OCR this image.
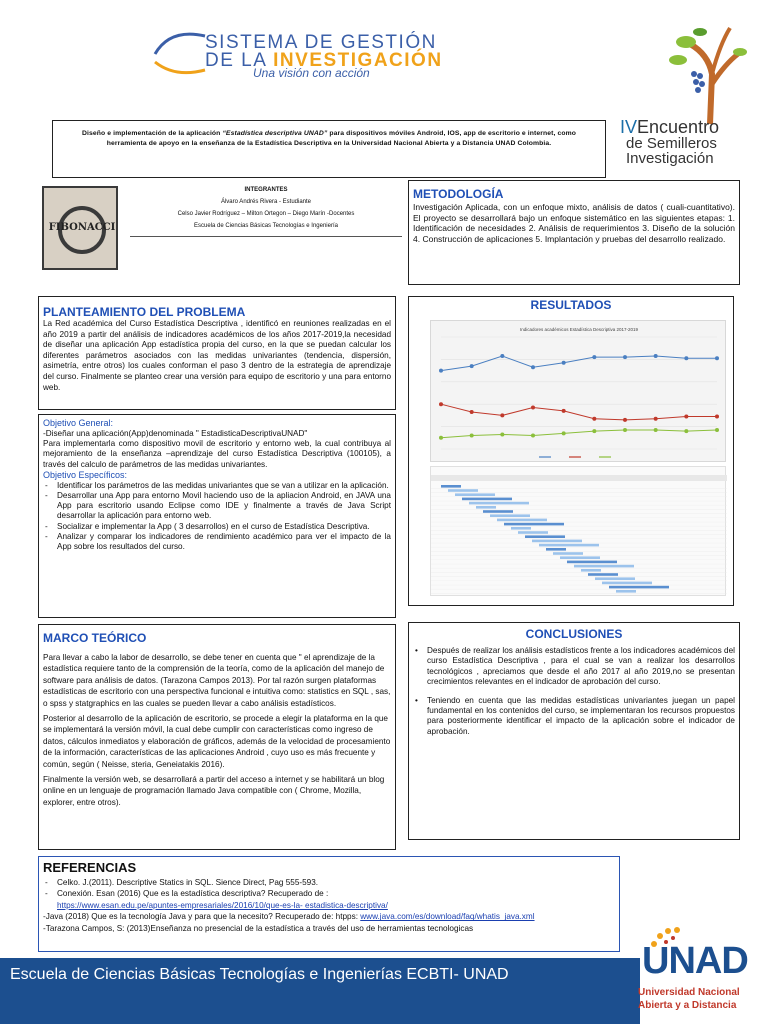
SISTEMA DE GESTIÓN
DE LA INVESTIGACIÓN
Una visión con acción
IVEncuentro
de Semilleros
Investigación
Diseño e implementación de la aplicación “Estadística descriptiva UNAD” para dispositivos móviles Android, IOS, app de escritorio e internet, como herramienta de apoyo en la enseñanza de la Estadística Descriptiva en la Universidad Nacional Abierta y a Distancia UNAD Colombia.
FIBONACCI
INTEGRANTES
Álvaro Andrés Rivera - Estudiante
Celso Javier Rodríguez – Milton Ortegon – Diego Marín -Docentes
Escuela de Ciencias Básicas Tecnologías e Ingeniería
METODOLOGÍA
Investigación Aplicada, con un enfoque mixto, análisis de datos ( cuali-cuantitativo). El proyecto se desarrollará bajo un enfoque sistemático en las siguientes etapas: 1. Identificación de necesidades 2. Análisis de requerimientos 3. Diseño de la solución 4. Construcción de aplicaciones 5. Implantación y pruebas del desarrollo realizado.
PLANTEAMIENTO DEL PROBLEMA
La Red académica del Curso Estadística Descriptiva , identificó en reuniones realizadas en el año 2019 a partir del análisis de indicadores académicos de los años 2017-2019,la necesidad de diseñar una aplicación App estadística propia del curso, en la que se puedan calcular los diferentes parámetros asociados con las medidas univariantes (tendencia, dispersión, asimetría, entre otros) los cuales conforman el paso 3 dentro de la estrategia de aprendizaje del curso. Finalmente se planteo crear una versión para equipo de escritorio y una para entorno web.
Objetivo General:
-Diseñar una aplicación(App)denominada " EstadisticaDescriptivaUNAD"
Para implementarla como dispositivo movil de escritorio y entorno web, la cual contribuya al mejoramiento de la enseñanza –aprendizaje del curso Estadística Descriptiva (100105), a través del calculo de parámetros de las medidas univariantes.
Objetivo Específicos:
- Identificar los parámetros de las medidas univariantes que se van a utilizar en la aplicación.
- Desarrollar una App para entorno Movil haciendo uso de la apliacion Android, en JAVA una App para escritorio usando Eclipse como IDE y finalmente a través de Java Script desarrollar la aplicación para entorno web.
- Socializar e implementar la App ( 3 desarrollos) en el curso de Estadística Descriptiva.
- Analizar y comparar los indicadores de rendimiento académico para ver el impacto de la App sobre los resultados del curso.
RESULTADOS
Indicadores académicos Estadística Descriptiva 2017-2019
MARCO TEÓRICO
Para llevar a cabo la labor de desarrollo, se debe tener en cuenta que " el aprendizaje de la estadística requiere tanto de la comprensión de la teoría, como de la aplicación del manejo de software para análisis de datos. (Tarazona Campos 2013). Por tal razón surgen plataformas estadísticas de escritorio con una perspectiva funcional e intuitiva como: statistics en SQL , sas, o spss y statgraphics en las cuales se pueden llevar a cabo análisis estadísticos.
Posterior al desarrollo de la aplicación de escritorio, se procede a elegir la plataforma en la que se implementará la versión móvil, la cual debe cumplir con características como ingreso de datos, cálculos inmediatos y elaboración de gráficos, además de la velocidad de procesamiento de la información, características de las aplicaciones Android , cuyo uso es más frecuente y común, según ( Neisse, steria, Geneiatakis 2016).
Finalmente la versión web, se desarrollará a partir del acceso a internet y se habilitará un blog online en un lenguaje de programación llamado Java compatible con ( Chrome, Mozilla, explorer, entre otros).
CONCLUSIONES
• Después de realizar los análisis estadísticos frente a los indicadores académicos del curso Estadística Descriptiva , para el cual se van a realizar los desarrollos tecnológicos , apreciamos que desde el año 2017 al año 2019,no se presentan crecimientos relevantes en el indicador de aprobación del curso.
• Teniendo en cuenta que las medidas estadísticas univariantes juegan un papel fundamental en los contenidos del curso, se implementaran los recursos propuestos para posteriormente identificar el impacto de la aplicación sobre el indicador de aprobación.
REFERENCIAS
- Celko. J.(2011). Descriptive Statics in SQL. Sience Direct, Pag 555-593.
- Conexión. Esan (2016) Que es la estadística descriptiva? Recuperado de :
https://www.esan.edu.pe/apuntes-empresariales/2016/10/que-es-la- estadistica-descriptiva/
-Java (2018) Que es la tecnología Java y para que la necesito? Recuperado de: htpps: www.java.com/es/download/faq/whatis_java.xml
-Tarazona Campos, S: (2013)Enseñanza no presencial de la estadística a través del uso de herramientas tecnologicas
Escuela de Ciencias Básicas Tecnologías e Ingenierías ECBTI- UNAD	UNAD
Universidad Nacional
Abierta y a Distancia
